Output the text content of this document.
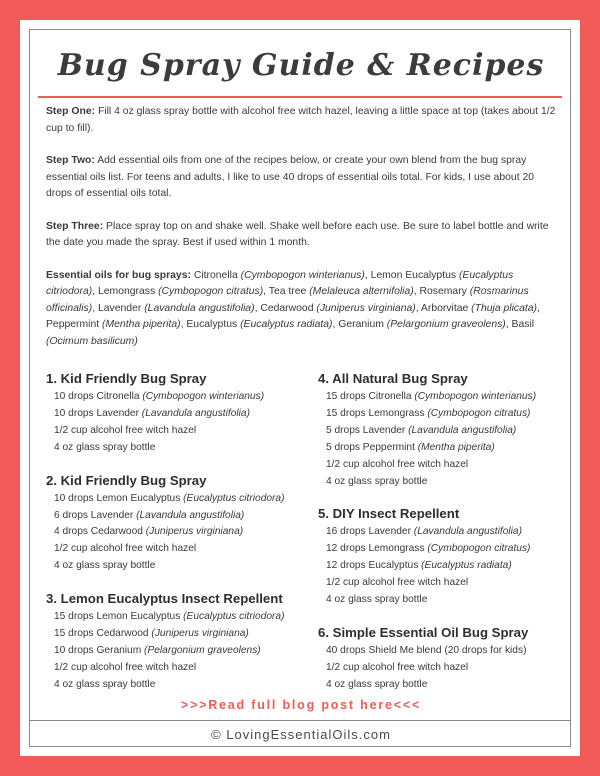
Bug Spray Guide & Recipes

Step One: Fill 4 oz glass spray bottle with alcohol free witch hazel, leaving a little space at top (takes about 1/2 cup to fill).

Step Two: Add essential oils from one of the recipes below, or create your own blend from the bug spray essential oils list. For teens and adults, I like to use 40 drops of essential oils total. For kids, I use about 20 drops of essential oils total.

Step Three: Place spray top on and shake well. Shake well before each use. Be sure to label bottle and write the date you made the spray. Best if used within 1 month.

Essential oils for bug sprays: Citronella (Cymbopogon winterianus), Lemon Eucalyptus (Eucalyptus citriodora), Lemongrass (Cymbopogon citratus), Tea tree (Melaleuca alternifolia), Rosemary (Rosmarinus officinalis), Lavender (Lavandula angustifolia), Cedarwood (Juniperus virginiana), Arborvitae (Thuja plicata), Peppermint (Mentha piperita), Eucalyptus (Eucalyptus radiata), Geranium (Pelargonium graveolens), Basil (Ocimum basilicum)

1. Kid Friendly Bug Spray
10 drops Citronella (Cymbopogon winterianus)
10 drops Lavender (Lavandula angustifolia)
1/2 cup alcohol free witch hazel
4 oz glass spray bottle
2. Kid Friendly Bug Spray
10 drops Lemon Eucalyptus (Eucalyptus citriodora)
6 drops Lavender (Lavandula angustifolia)
4 drops Cedarwood (Juniperus virginiana)
1/2 cup alcohol free witch hazel
4 oz glass spray bottle
3. Lemon Eucalyptus Insect Repellent
15 drops Lemon Eucalyptus (Eucalyptus citriodora)
15 drops Cedarwood (Juniperus virginiana)
10 drops Geranium (Pelargonium graveolens)
1/2 cup alcohol free witch hazel
4 oz glass spray bottle
4. All Natural Bug Spray
15 drops Citronella (Cymbopogon winterianus)
15 drops Lemongrass (Cymbopogon citratus)
5 drops Lavender (Lavandula angustifolia)
5 drops Peppermint (Mentha piperita)
1/2 cup alcohol free witch hazel
4 oz glass spray bottle
5. DIY Insect Repellent
16 drops Lavender (Lavandula angustifolia)
12 drops Lemongrass (Cymbopogon citratus)
12 drops Eucalyptus (Eucalyptus radiata)
1/2 cup alcohol free witch hazel
4 oz glass spray bottle
6. Simple Essential Oil Bug Spray
40 drops Shield Me blend (20 drops for kids)
1/2 cup alcohol free witch hazel
4 oz glass spray bottle
>>>Read full blog post here<<<
© LovingEssentialOils.com
